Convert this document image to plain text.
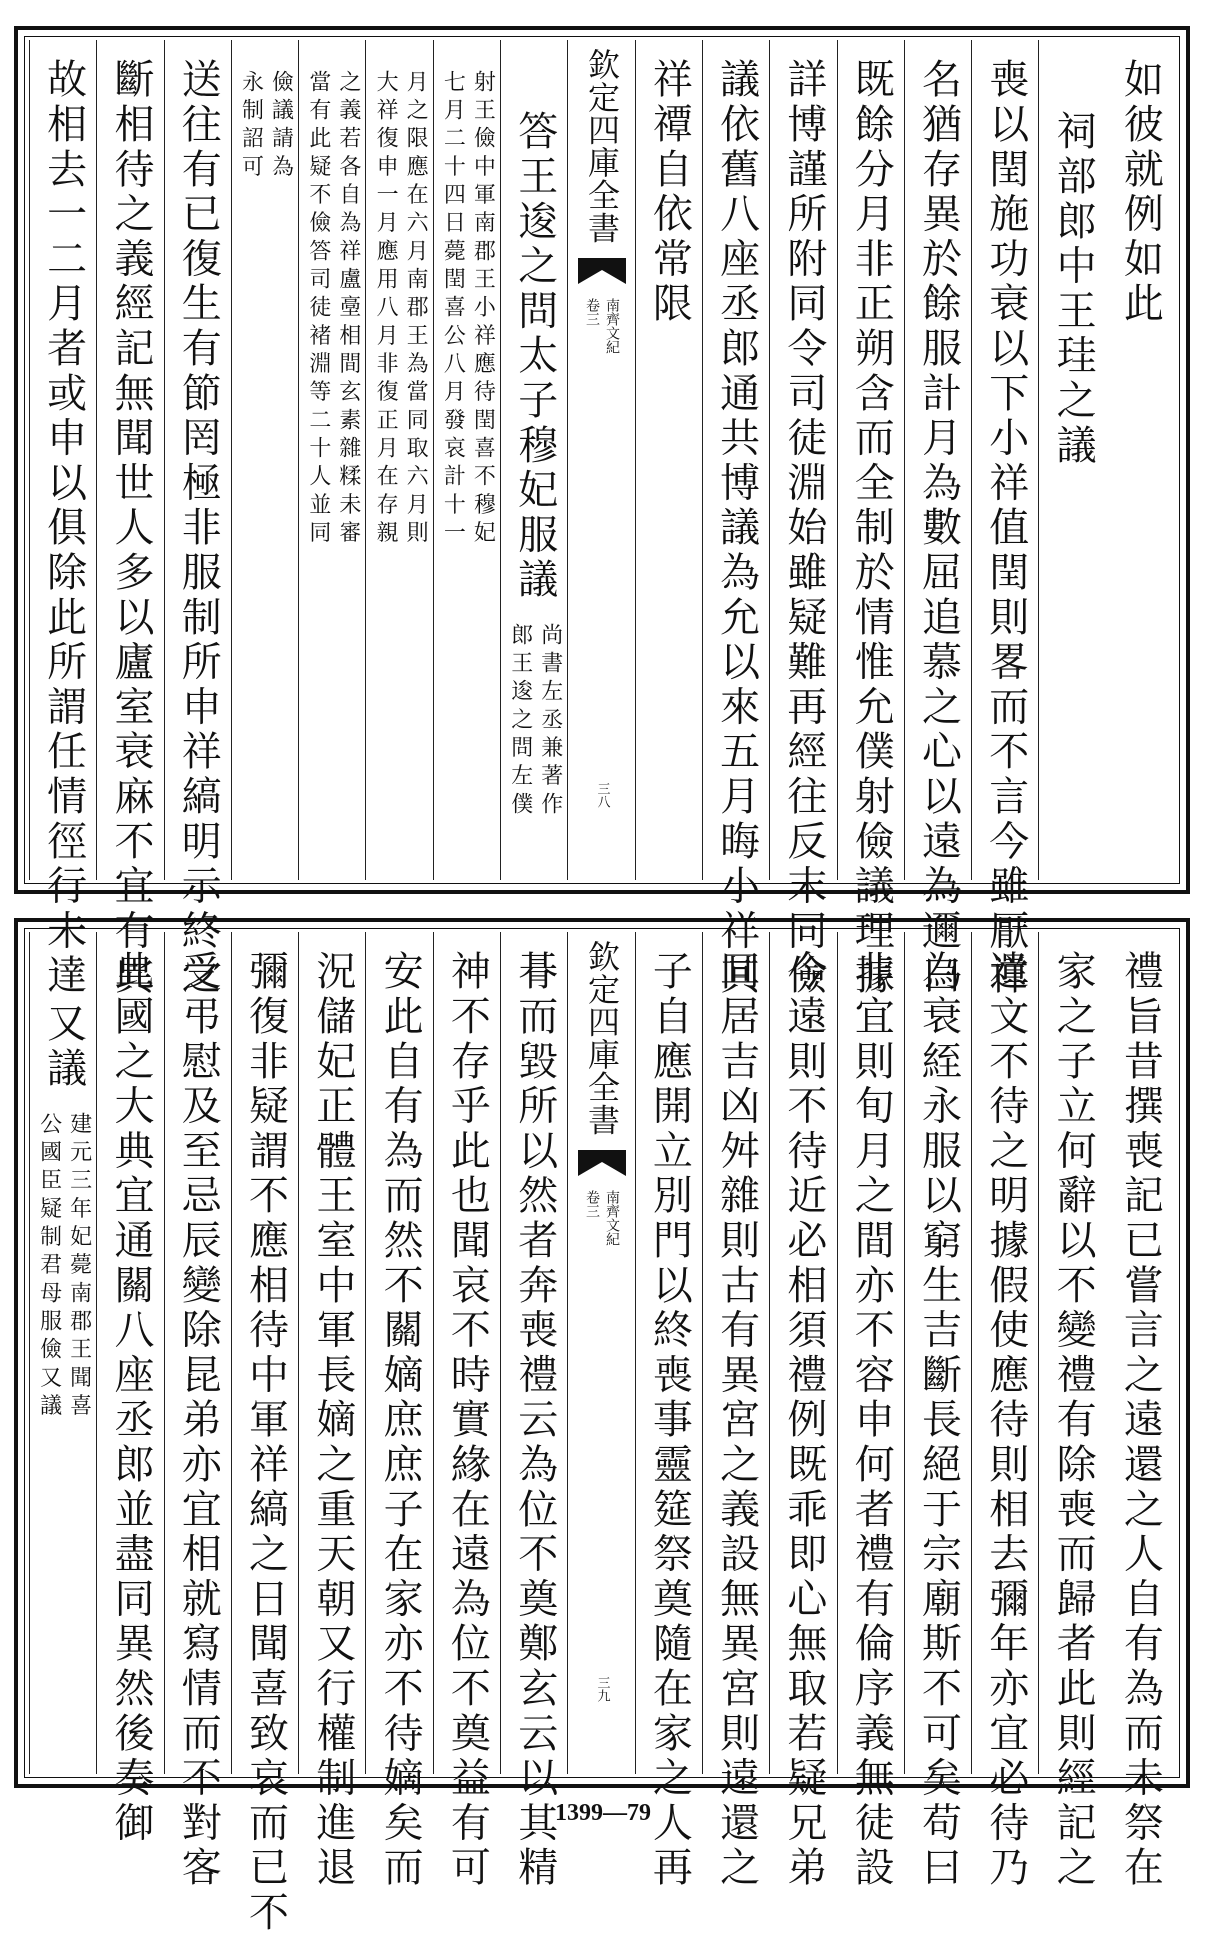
如彼就例如此
祠部郎中王珪之議
喪以閏施功衰以下小祥值閏則畧而不言今雖厭祥
名猶存異於餘服計月為數屈追慕之心以遠為邇曰
既餘分月非正朔含而全制於情惟允僕射儉議理據
詳博謹所附同令司徒淵始雖疑難再經往反末同儉
議依舊八座丞郎通共博議為允以來五月晦小祥其
祥禫自依常限
欽定四庫全書
南齊文紀
卷三
三八
答王逡之問太子穆妃服議
尚書左丞兼著作
郎王逡之問左僕
射王儉中軍南郡王小祥應待閏喜不穆妃
七月二十四日薨閏喜公八月發哀計十一
月之限應在六月南郡王為當同取六月則
大祥復申一月應用八月非復正月在存親
之義若各自為祥盧㙜相間玄素雜糅未審
當有此疑不儉答司徒褚淵等二十人並同
儉議請為
永制詔可
送往有已復生有節罔極非服制所申祥縞明示終之
斷相待之義經記無聞世人多以廬室衰麻不宜有異
故相去一二月者或申以俱除此所謂任情徑行未達
禮旨昔撰喪記已嘗言之遠還之人自有為而未祭在
家之子立何辭以不變禮有除喪而歸者此則經記之
遺文不待之明據假使應待則相去彌年亦宜必待乃
為衰絰永服以窮生吉斷長絕于宗廟斯不可矣苟曰
非宜則旬月之間亦不容申何者禮有倫序義無徒設
今遠則不待近必相須禮例既乖即心無取若疑兄弟
同居吉凶舛雜則古有異宮之義設無異宮則遠還之
子自應開立別門以終喪事靈筵祭奠隨在家之人再
欽定四庫全書
南齊文紀
卷三
三九
朞而毀所以然者奔喪禮云為位不奠鄭玄云以其精
神不存乎此也聞哀不時實緣在遠為位不奠益有可
安此自有為而然不關嫡庶庶子在家亦不待嫡矣而
況儲妃正體王室中軍長嫡之重天朝又行權制進退
彌復非疑謂不應相待中軍祥縞之日聞喜致哀而已不
受弔慰及至忌辰變除昆弟亦宜相就寫情而不對客
此國之大典宜通關八座丞郎並盡同異然後奏御
又議
建元三年妃薨南郡王聞喜
公國臣疑制君母服儉又議
1399—79
